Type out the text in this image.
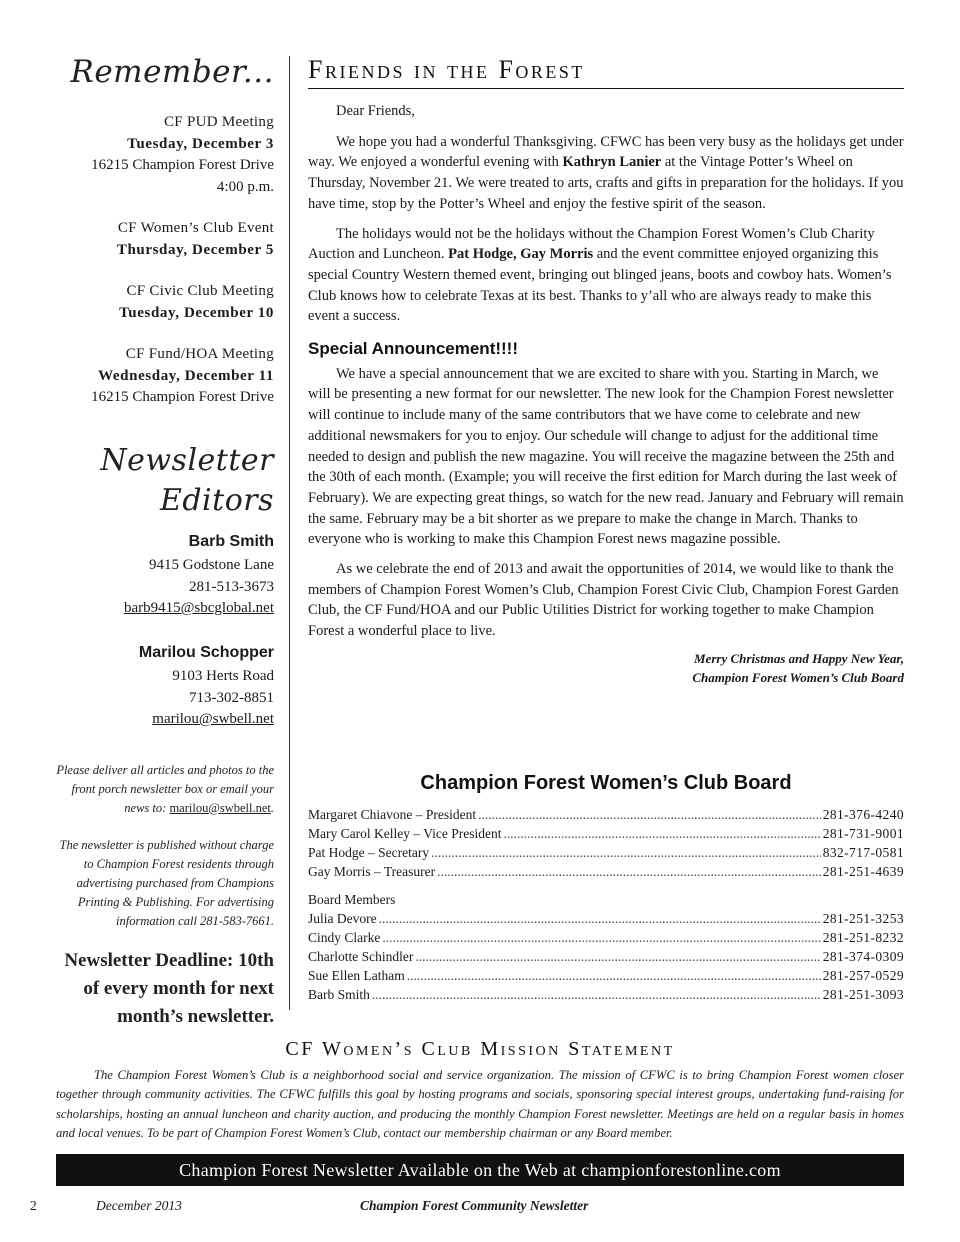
Remember...
CF PUD Meeting
Tuesday, December 3
16215 Champion Forest Drive
4:00 p.m.
CF Women’s Club Event
Thursday, December 5
CF Civic Club Meeting
Tuesday, December 10
CF Fund/HOA Meeting
Wednesday, December 11
16215 Champion Forest Drive
Newsletter Editors
Barb Smith
9415 Godstone Lane
281-513-3673
barb9415@sbcglobal.net
Marilou Schopper
9103 Herts Road
713-302-8851
marilou@swbell.net
Please deliver all articles and photos to the front porch newsletter box or email your news to: marilou@swbell.net.
The newsletter is published without charge to Champion Forest residents through advertising purchased from Champions Printing & Publishing. For advertising information call 281-583-7661.
Newsletter Deadline: 10th of every month for next month’s newsletter.
Friends in the Forest

Dear Friends,

We hope you had a wonderful Thanksgiving. CFWC has been very busy as the holidays get under way. We enjoyed a wonderful evening with Kathryn Lanier at the Vintage Potter’s Wheel on Thursday, November 21. We were treated to arts, crafts and gifts in preparation for the holidays. If you have time, stop by the Potter’s Wheel and enjoy the festive spirit of the season.

The holidays would not be the holidays without the Champion Forest Women’s Club Charity Auction and Luncheon. Pat Hodge, Gay Morris and the event committee enjoyed organizing this special Country Western themed event, bringing out blinged jeans, boots and cowboy hats. Women’s Club knows how to celebrate Texas at its best. Thanks to y’all who are always ready to make this event a success.

Special Announcement!!!!

We have a special announcement that we are excited to share with you. Starting in March, we will be presenting a new format for our newsletter. The new look for the Champion Forest newsletter will continue to include many of the same contributors that we have come to celebrate and new additional newsmakers for you to enjoy. Our schedule will change to adjust for the additional time needed to design and publish the new magazine. You will receive the magazine between the 25th and the 30th of each month. (Example; you will receive the first edition for March during the last week of February). We are expecting great things, so watch for the new read. January and February will remain the same. February may be a bit shorter as we prepare to make the change in March. Thanks to everyone who is working to make this Champion Forest news magazine possible.

As we celebrate the end of 2013 and await the opportunities of 2014, we would like to thank the members of Champion Forest Women’s Club, Champion Forest Civic Club, Champion Forest Garden Club, the CF Fund/HOA and our Public Utilities District for working together to make Champion Forest a wonderful place to live.

Merry Christmas and Happy New Year,
Champion Forest Women’s Club Board
Champion Forest Women’s Club Board
Margaret Chiavone – President .....	281-376-4240
Mary Carol Kelley – Vice President .....	281-731-9001
Pat Hodge – Secretary .....	832-717-0581
Gay Morris – Treasurer .....	281-251-4639
Board Members
Julia Devore .....	281-251-3253
Cindy Clarke .....	281-251-8232
Charlotte Schindler .....	281-374-0309
Sue Ellen Latham .....	281-257-0529
Barb Smith .....	281-251-3093
CF Women’s Club Mission Statement
The Champion Forest Women’s Club is a neighborhood social and service organization. The mission of CFWC is to bring Champion Forest women closer together through community activities. The CFWC fulfills this goal by hosting programs and socials, sponsoring special interest groups, undertaking fund-raising for scholarships, hosting an annual luncheon and charity auction, and producing the monthly Champion Forest newsletter. Meetings are held on a regular basis in homes and local venues. To be part of Champion Forest Women’s Club, contact our membership chairman or any Board member.
Champion Forest Newsletter Available on the Web at championforestonline.com
2	December 2013	Champion Forest Community Newsletter
